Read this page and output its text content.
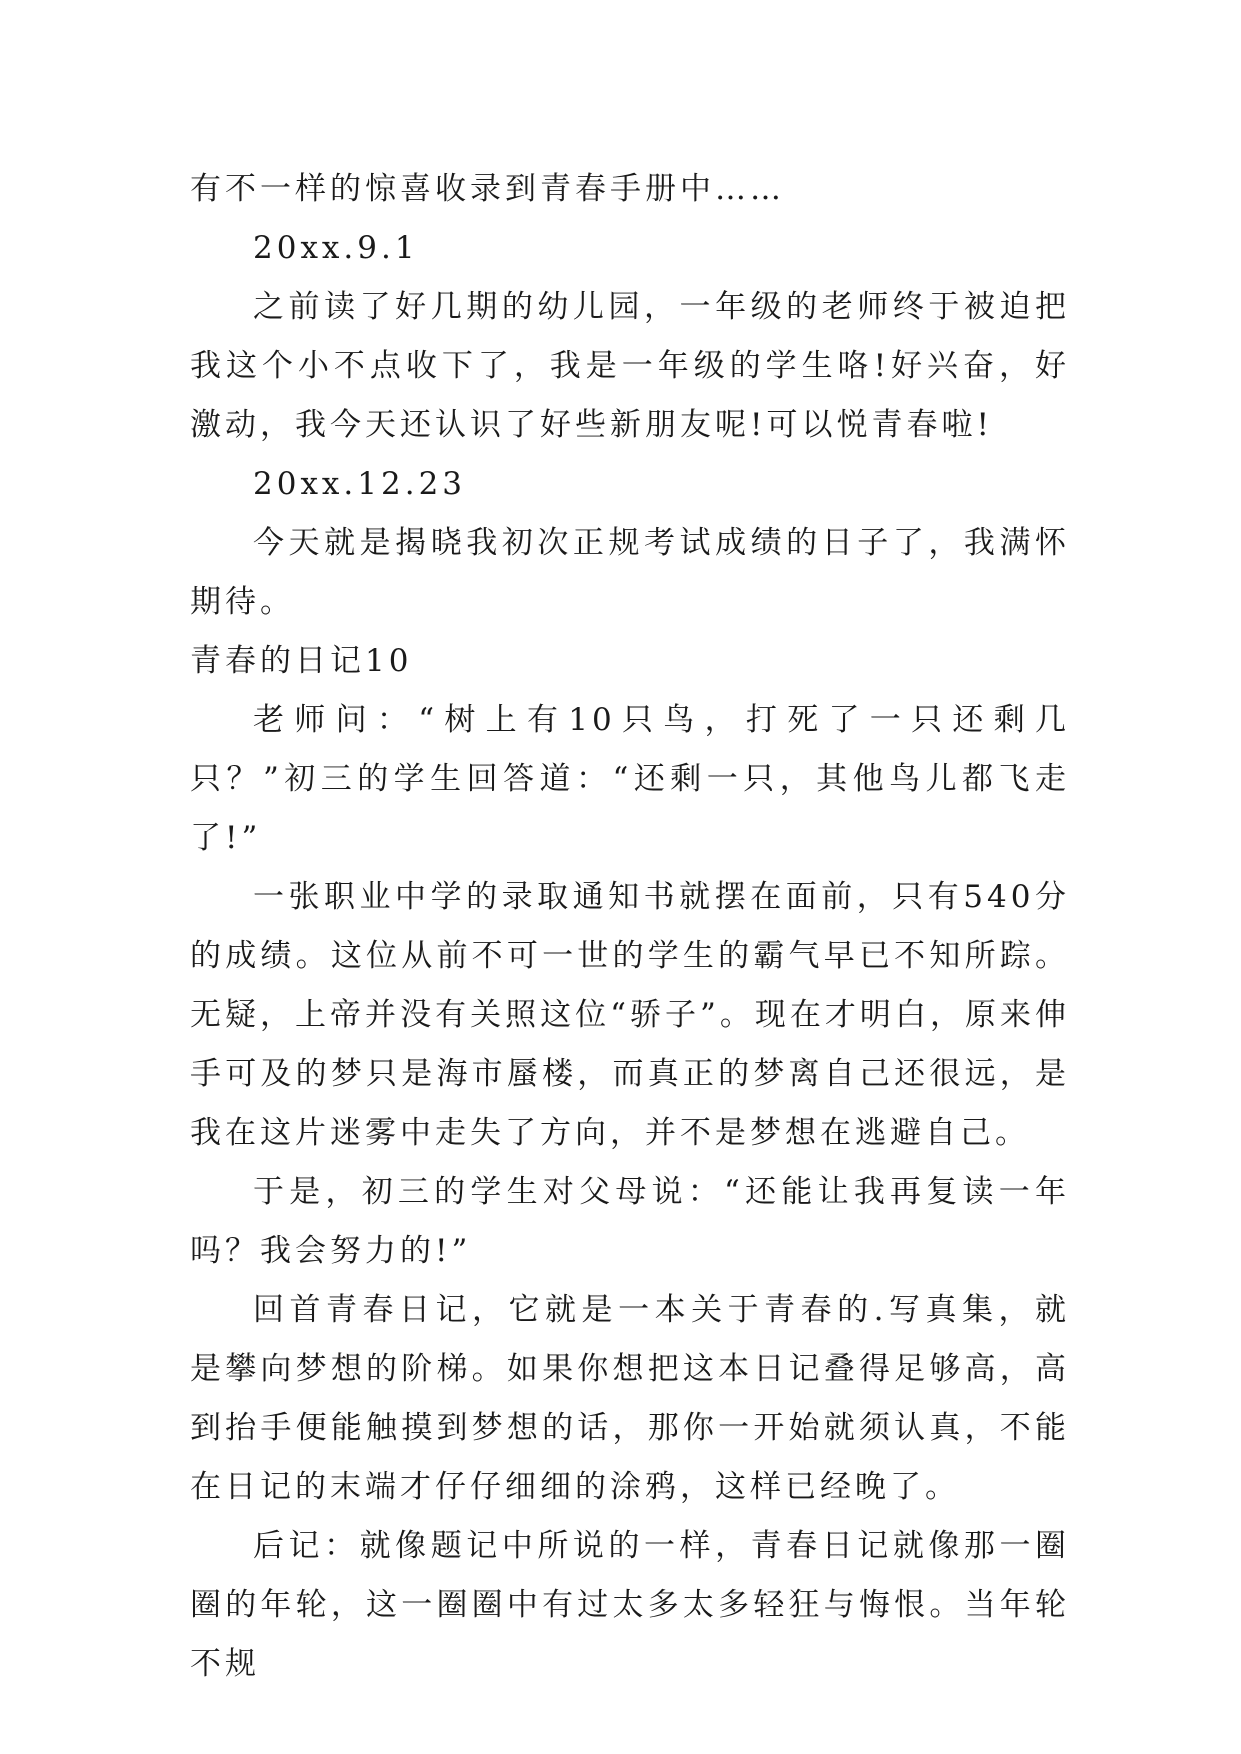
有不一样的惊喜收录到青春手册中……

20xx.9.1

之前读了好几期的幼儿园，一年级的老师终于被迫把我这个小不点收下了，我是一年级的学生咯!好兴奋，好激动，我今天还认识了好些新朋友呢!可以悦青春啦!

20xx.12.23

今天就是揭晓我初次正规考试成绩的日子了，我满怀期待。

青春的日记10

老师问：“树上有10只鸟，打死了一只还剩几只？”初三的学生回答道：“还剩一只，其他鸟儿都飞走了!”

一张职业中学的录取通知书就摆在面前，只有540分的成绩。这位从前不可一世的学生的霸气早已不知所踪。无疑，上帝并没有关照这位“骄子”。现在才明白，原来伸手可及的梦只是海市蜃楼，而真正的梦离自己还很远，是我在这片迷雾中走失了方向，并不是梦想在逃避自己。

于是，初三的学生对父母说：“还能让我再复读一年吗？我会努力的!”

回首青春日记，它就是一本关于青春的.写真集，就是攀向梦想的阶梯。如果你想把这本日记叠得足够高，高到抬手便能触摸到梦想的话，那你一开始就须认真，不能在日记的末端才仔仔细细的涂鸦，这样已经晚了。

后记：就像题记中所说的一样，青春日记就像那一圈圈的年轮，这一圈圈中有过太多太多轻狂与悔恨。当年轮不规
